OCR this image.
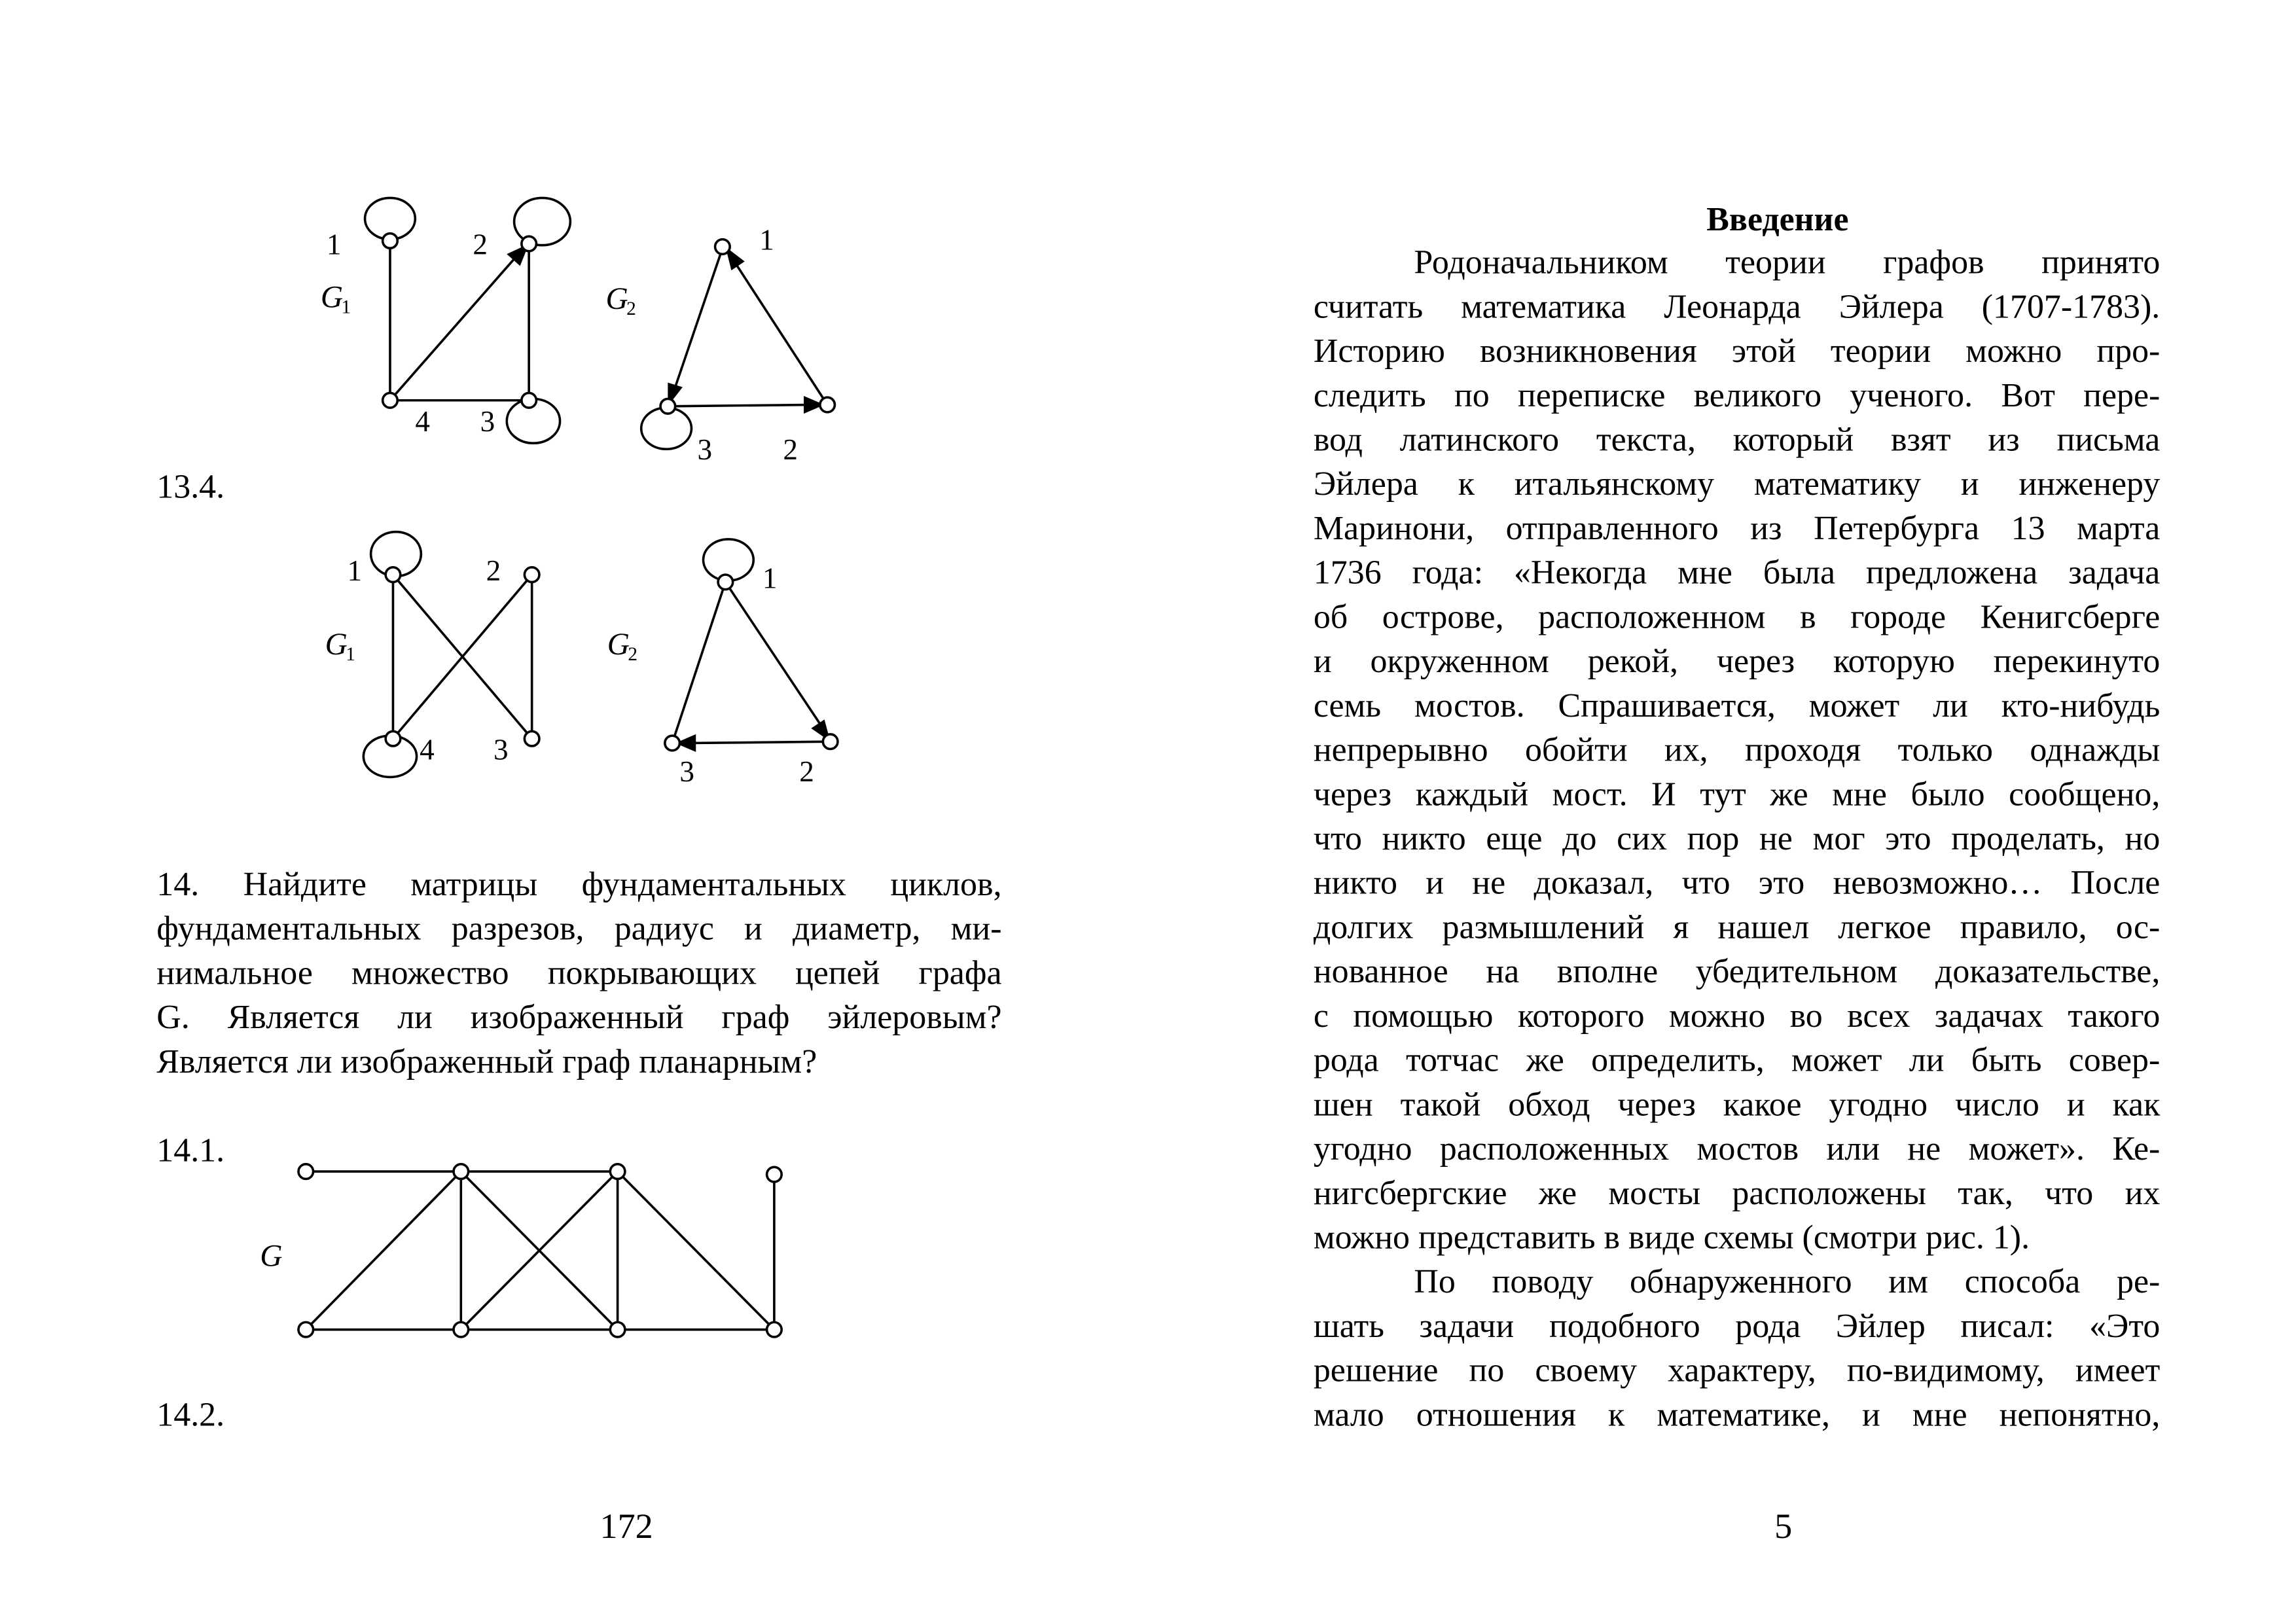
1	2
3
4
G
1
1
2
3
G
2
1	2
3
4
G
1
1
2
3
G
2
G
13.4.
14. Найдите матрицы фундаментальных циклов,
фундаментальных разрезов, радиус и диаметр, ми-
нимальное множество покрывающих цепей графа
G. Является ли изображенный граф эйлеровым?
Является ли изображенный граф планарным?
14.1.
14.2.
172
Введение
Родоначальником теории графов принято
считать математика Леонарда Эйлера (1707-1783).
Историю возникновения этой теории можно про-
следить по переписке великого ученого. Вот пере-
вод латинского текста, который взят из письма
Эйлера к итальянскому математику и инженеру
Маринони, отправленного из Петербурга 13 марта
1736 года: «Некогда мне была предложена задача
об острове, расположенном в городе Кенигсберге
и окруженном рекой, через которую перекинуто
семь мостов. Спрашивается, может ли кто-нибудь
непрерывно обойти их, проходя только однажды
через каждый мост. И тут же мне было сообщено,
что никто еще до сих пор не мог это проделать, но
никто и не доказал, что это невозможно… После
долгих размышлений я нашел легкое правило, ос-
нованное на вполне убедительном доказательстве,
с помощью которого можно во всех задачах такого
рода тотчас же определить, может ли быть совер-
шен такой обход через какое угодно число и как
угодно расположенных мостов или не может». Ке-
нигсбергские же мосты расположены так, что их
можно представить в виде схемы (смотри рис. 1).
По поводу обнаруженного им способа ре-
шать задачи подобного рода Эйлер писал: «Это
решение по своему характеру, по-видимому, имеет
мало отношения к математике, и мне непонятно,
5
